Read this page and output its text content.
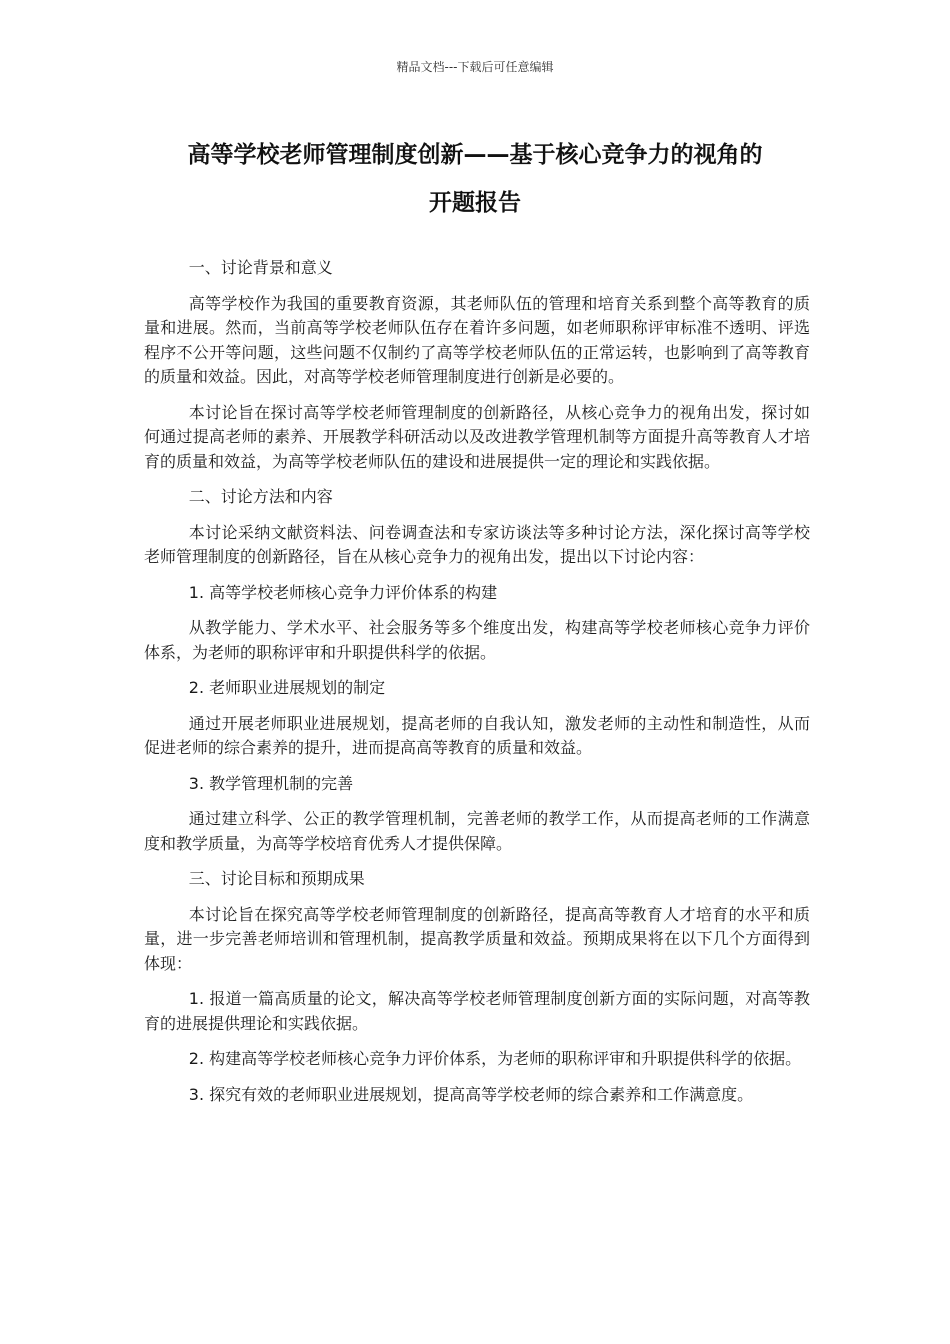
精品文档---下载后可任意编辑
高等学校老师管理制度创新——基于核心竞争力的视角的
开题报告

一、讨论背景和意义

高等学校作为我国的重要教育资源，其老师队伍的管理和培育关系到整个高等教育的质量和进展。然而，当前高等学校老师队伍存在着许多问题，如老师职称评审标准不透明、评选程序不公开等问题，这些问题不仅制约了高等学校老师队伍的正常运转，也影响到了高等教育的质量和效益。因此，对高等学校老师管理制度进行创新是必要的。

本讨论旨在探讨高等学校老师管理制度的创新路径，从核心竞争力的视角出发，探讨如何通过提高老师的素养、开展教学科研活动以及改进教学管理机制等方面提升高等教育人才培育的质量和效益，为高等学校老师队伍的建设和进展提供一定的理论和实践依据。

二、讨论方法和内容

本讨论采纳文献资料法、问卷调查法和专家访谈法等多种讨论方法，深化探讨高等学校老师管理制度的创新路径，旨在从核心竞争力的视角出发，提出以下讨论内容：

1. 高等学校老师核心竞争力评价体系的构建

从教学能力、学术水平、社会服务等多个维度出发，构建高等学校老师核心竞争力评价体系，为老师的职称评审和升职提供科学的依据。

2. 老师职业进展规划的制定

通过开展老师职业进展规划，提高老师的自我认知，激发老师的主动性和制造性，从而促进老师的综合素养的提升，进而提高高等教育的质量和效益。

3. 教学管理机制的完善

通过建立科学、公正的教学管理机制，完善老师的教学工作，从而提高老师的工作满意度和教学质量，为高等学校培育优秀人才提供保障。

三、讨论目标和预期成果

本讨论旨在探究高等学校老师管理制度的创新路径，提高高等教育人才培育的水平和质量，进一步完善老师培训和管理机制，提高教学质量和效益。预期成果将在以下几个方面得到体现：

1. 报道一篇高质量的论文，解决高等学校老师管理制度创新方面的实际问题，对高等教育的进展提供理论和实践依据。

2. 构建高等学校老师核心竞争力评价体系，为老师的职称评审和升职提供科学的依据。

3. 探究有效的老师职业进展规划，提高高等学校老师的综合素养和工作满意度。
